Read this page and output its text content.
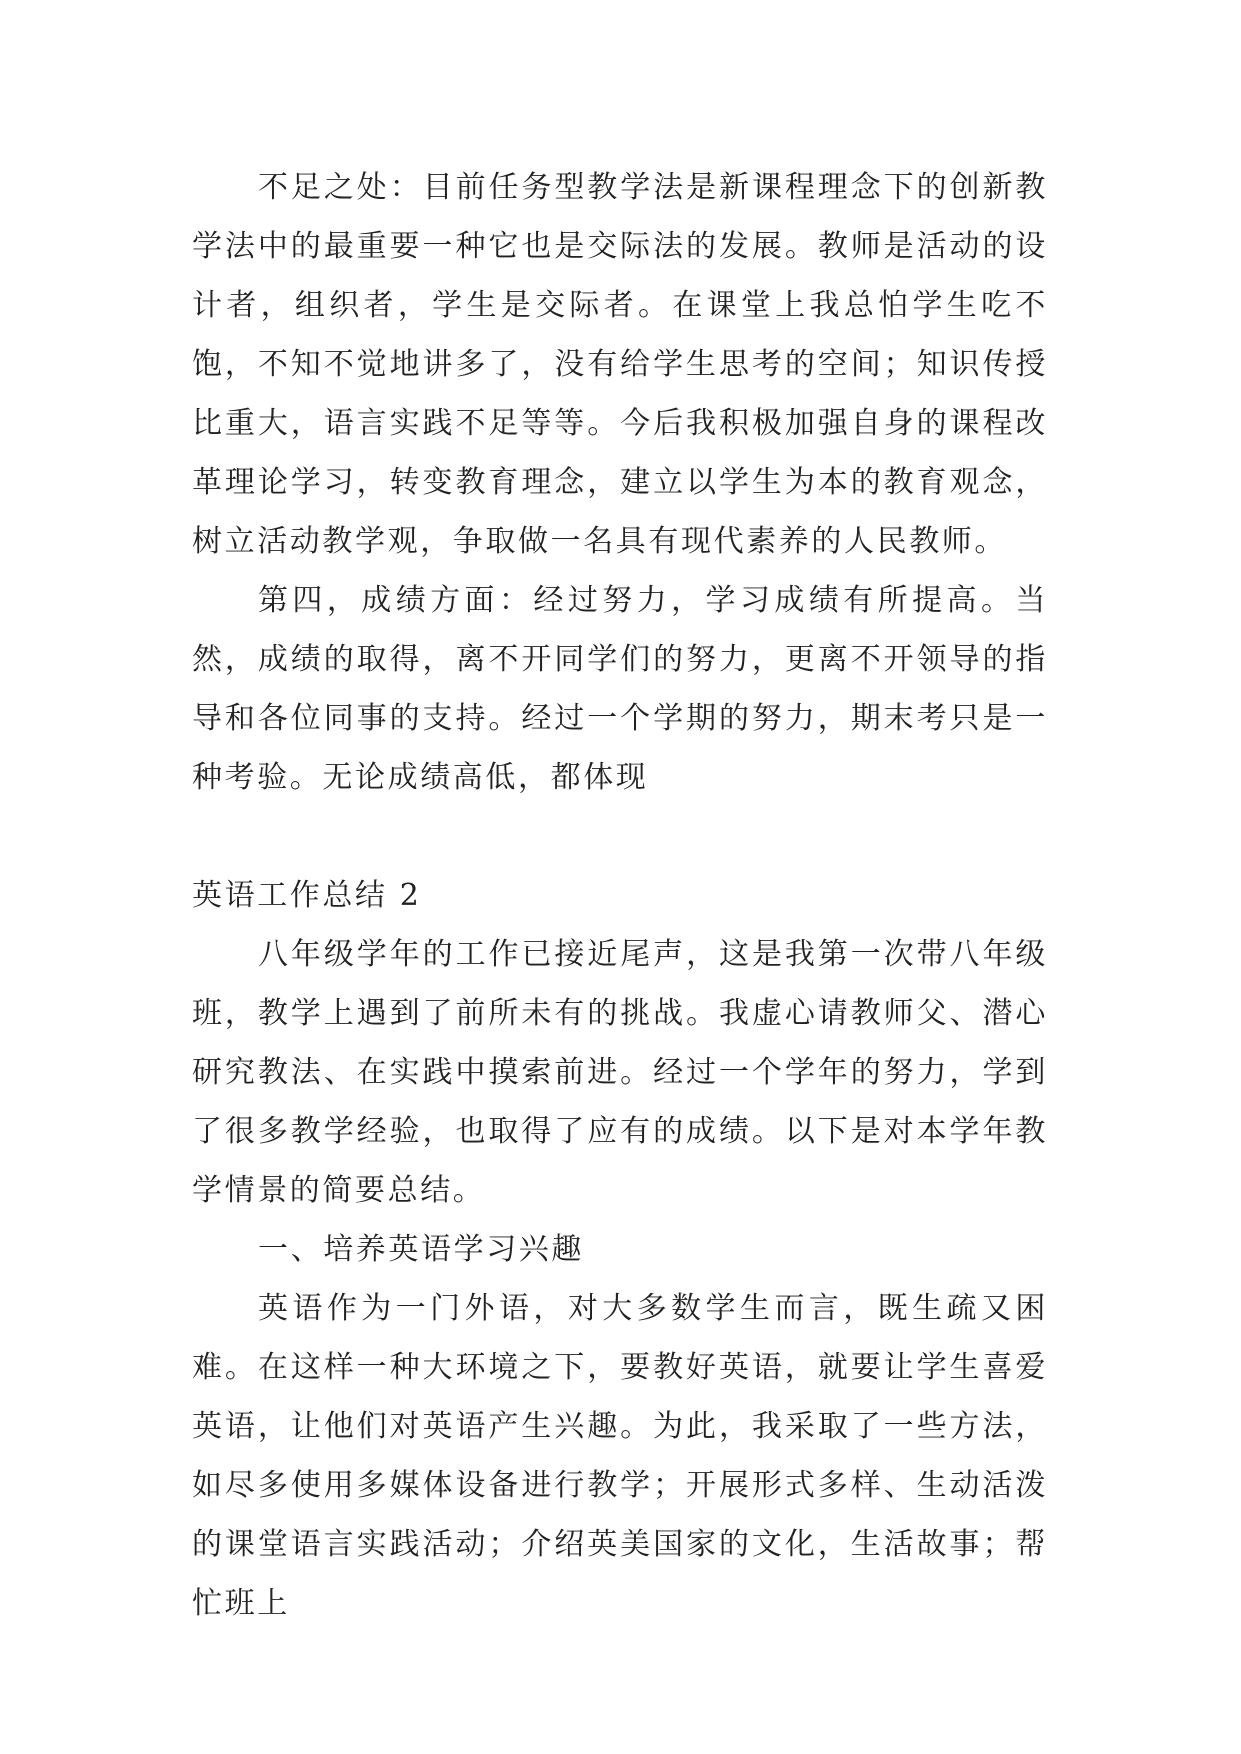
不足之处：目前任务型教学法是新课程理念下的创新教学法中的最重要一种它也是交际法的发展。教师是活动的设计者，组织者，学生是交际者。在课堂上我总怕学生吃不饱，不知不觉地讲多了，没有给学生思考的空间；知识传授比重大，语言实践不足等等。今后我积极加强自身的课程改革理论学习，转变教育理念，建立以学生为本的教育观念，树立活动教学观，争取做一名具有现代素养的人民教师。

第四，成绩方面：经过努力，学习成绩有所提高。当然，成绩的取得，离不开同学们的努力，更离不开领导的指导和各位同事的支持。经过一个学期的努力，期末考只是一种考验。无论成绩高低，都体现

英语工作总结 2

八年级学年的工作已接近尾声，这是我第一次带八年级班，教学上遇到了前所未有的挑战。我虚心请教师父、潜心研究教法、在实践中摸索前进。经过一个学年的努力，学到了很多教学经验，也取得了应有的成绩。以下是对本学年教学情景的简要总结。

一、培养英语学习兴趣

英语作为一门外语，对大多数学生而言，既生疏又困难。在这样一种大环境之下，要教好英语，就要让学生喜爱英语，让他们对英语产生兴趣。为此，我采取了一些方法，如尽多使用多媒体设备进行教学；开展形式多样、生动活泼的课堂语言实践活动；介绍英美国家的文化，生活故事；帮忙班上
